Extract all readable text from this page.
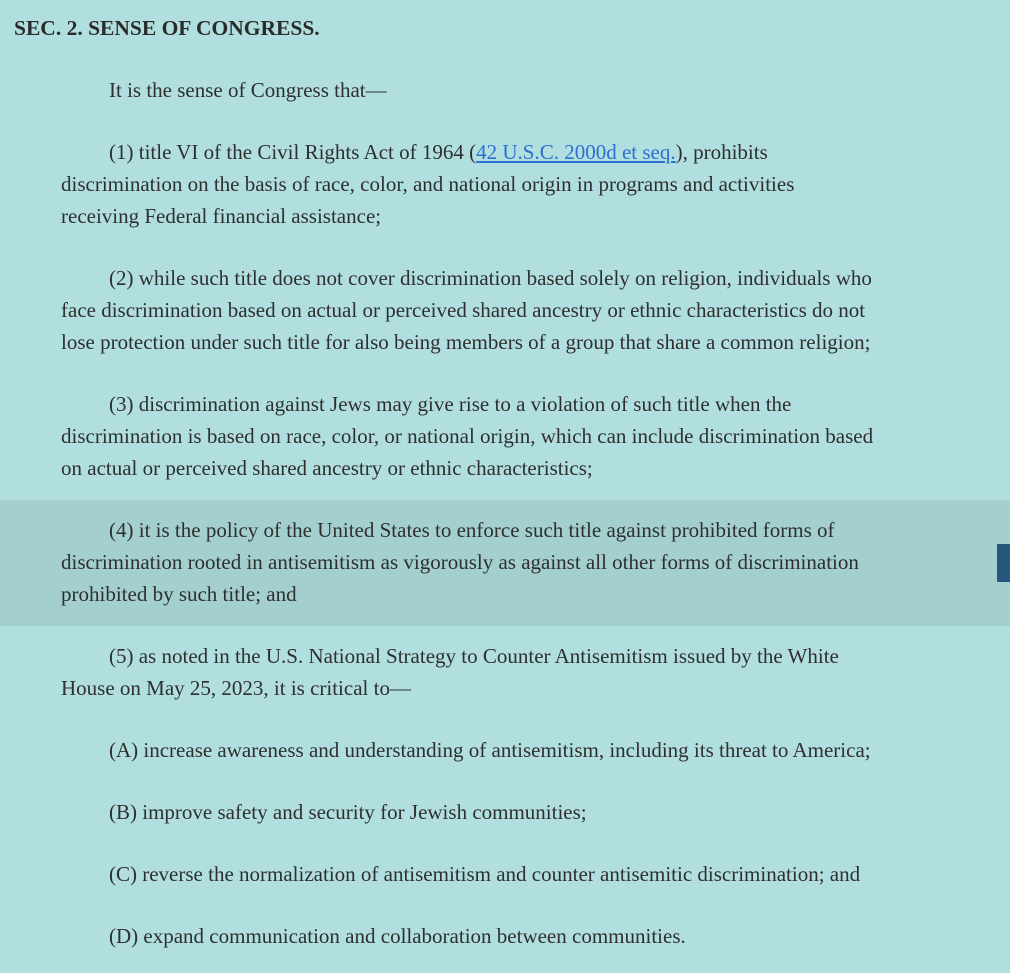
SEC. 2. SENSE OF CONGRESS.
It is the sense of Congress that—
(1) title VI of the Civil Rights Act of 1964 (42 U.S.C. 2000d et seq.), prohibits
discrimination on the basis of race, color, and national origin in programs and activities
receiving Federal financial assistance;
(2) while such title does not cover discrimination based solely on religion, individuals who
face discrimination based on actual or perceived shared ancestry or ethnic characteristics do not
lose protection under such title for also being members of a group that share a common religion;
(3) discrimination against Jews may give rise to a violation of such title when the
discrimination is based on race, color, or national origin, which can include discrimination based
on actual or perceived shared ancestry or ethnic characteristics;
(4) it is the policy of the United States to enforce such title against prohibited forms of
discrimination rooted in antisemitism as vigorously as against all other forms of discrimination
prohibited by such title; and
(5) as noted in the U.S. National Strategy to Counter Antisemitism issued by the White
House on May 25, 2023, it is critical to—
(A) increase awareness and understanding of antisemitism, including its threat to America;
(B) improve safety and security for Jewish communities;
(C) reverse the normalization of antisemitism and counter antisemitic discrimination; and
(D) expand communication and collaboration between communities.
